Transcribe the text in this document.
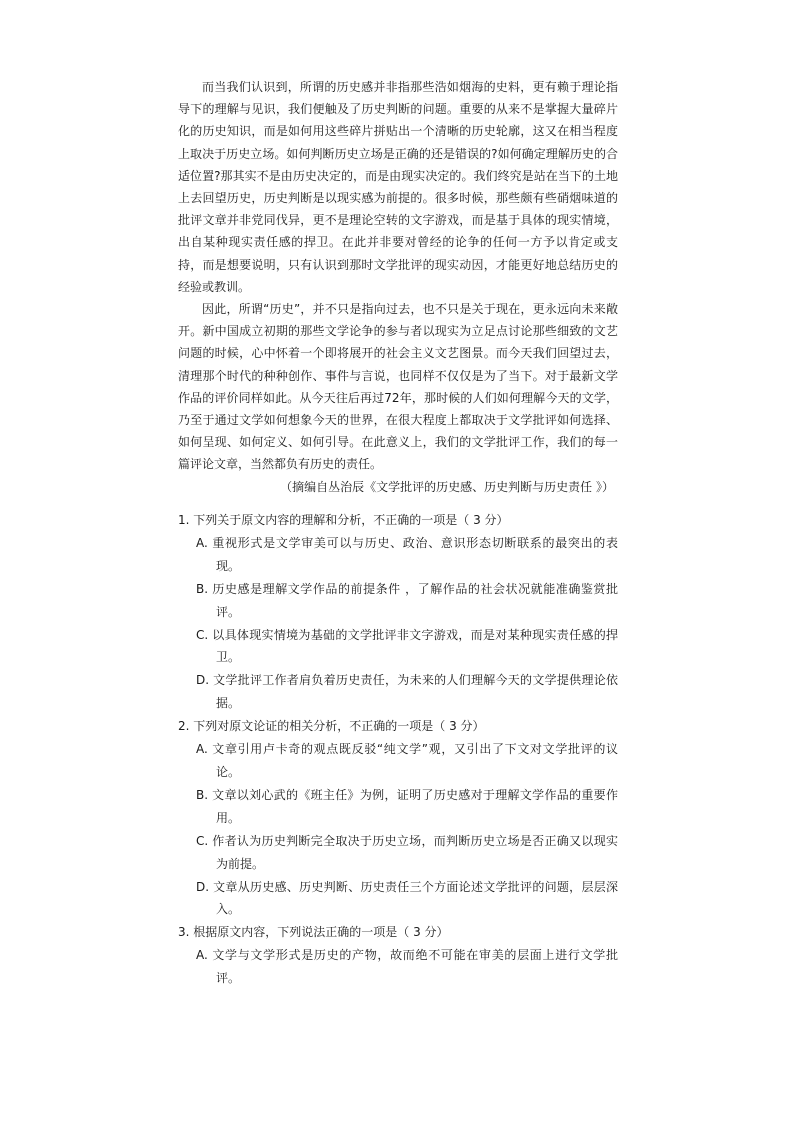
而当我们认识到，所谓的历史感并非指那些浩如烟海的史料，更有赖于理论指导下的理解与见识，我们便触及了历史判断的问题。重要的从来不是掌握大量碎片化的历史知识，而是如何用这些碎片拼贴出一个清晰的历史轮廓，这又在相当程度上取决于历史立场。如何判断历史立场是正确的还是错误的?如何确定理解历史的合适位置?那其实不是由历史决定的，而是由现实决定的。我们终究是站在当下的土地上去回望历史，历史判断是以现实感为前提的。很多时候，那些颇有些硝烟味道的批评文章并非党同伐异，更不是理论空转的文字游戏，而是基于具体的现实情境，出自某种现实责任感的捍卫。在此并非要对曾经的论争的任何一方予以肯定或支持，而是想要说明，只有认识到那时文学批评的现实动因，才能更好地总结历史的经验或教训。

因此，所谓“历史”，并不只是指向过去，也不只是关于现在，更永远向未来敞开。新中国成立初期的那些文学论争的参与者以现实为立足点讨论那些细致的文艺问题的时候，心中怀着一个即将展开的社会主义文艺图景。而今天我们回望过去，清理那个时代的种种创作、事件与言说，也同样不仅仅是为了当下。对于最新文学作品的评价同样如此。从今天往后再过72年，那时候的人们如何理解今天的文学，乃至于通过文学如何想象今天的世界，在很大程度上都取决于文学批评如何选择、如何呈现、如何定义、如何引导。在此意义上，我们的文学批评工作，我们的每一篇评论文章，当然都负有历史的责任。

（摘编自丛治辰《文学批评的历史感、历史判断与历史责任 》）

1. 下列关于原文内容的理解和分析，不正确的一项是（ 3 分）

A. 重视形式是文学审美可以与历史、政治、意识形态切断联系的最突出的表现。

B. 历史感是理解文学作品的前提条件 ，了解作品的社会状况就能准确鉴赏批评。

C. 以具体现实情境为基础的文学批评非文字游戏，而是对某种现实责任感的捍卫。

D. 文学批评工作者肩负着历史责任，为未来的人们理解今天的文学提供理论依据。

2. 下列对原文论证的相关分析，不正确的一项是（ 3 分）

A. 文章引用卢卡奇的观点既反驳“纯文学”观，又引出了下文对文学批评的议论。

B. 文章以刘心武的《班主任》为例，证明了历史感对于理解文学作品的重要作用。

C. 作者认为历史判断完全取决于历史立场，而判断历史立场是否正确又以现实为前提。

D. 文章从历史感、历史判断、历史责任三个方面论述文学批评的问题，层层深入。

3. 根据原文内容，下列说法正确的一项是（ 3 分）

A. 文学与文学形式是历史的产物，故而绝不可能在审美的层面上进行文学批评。
